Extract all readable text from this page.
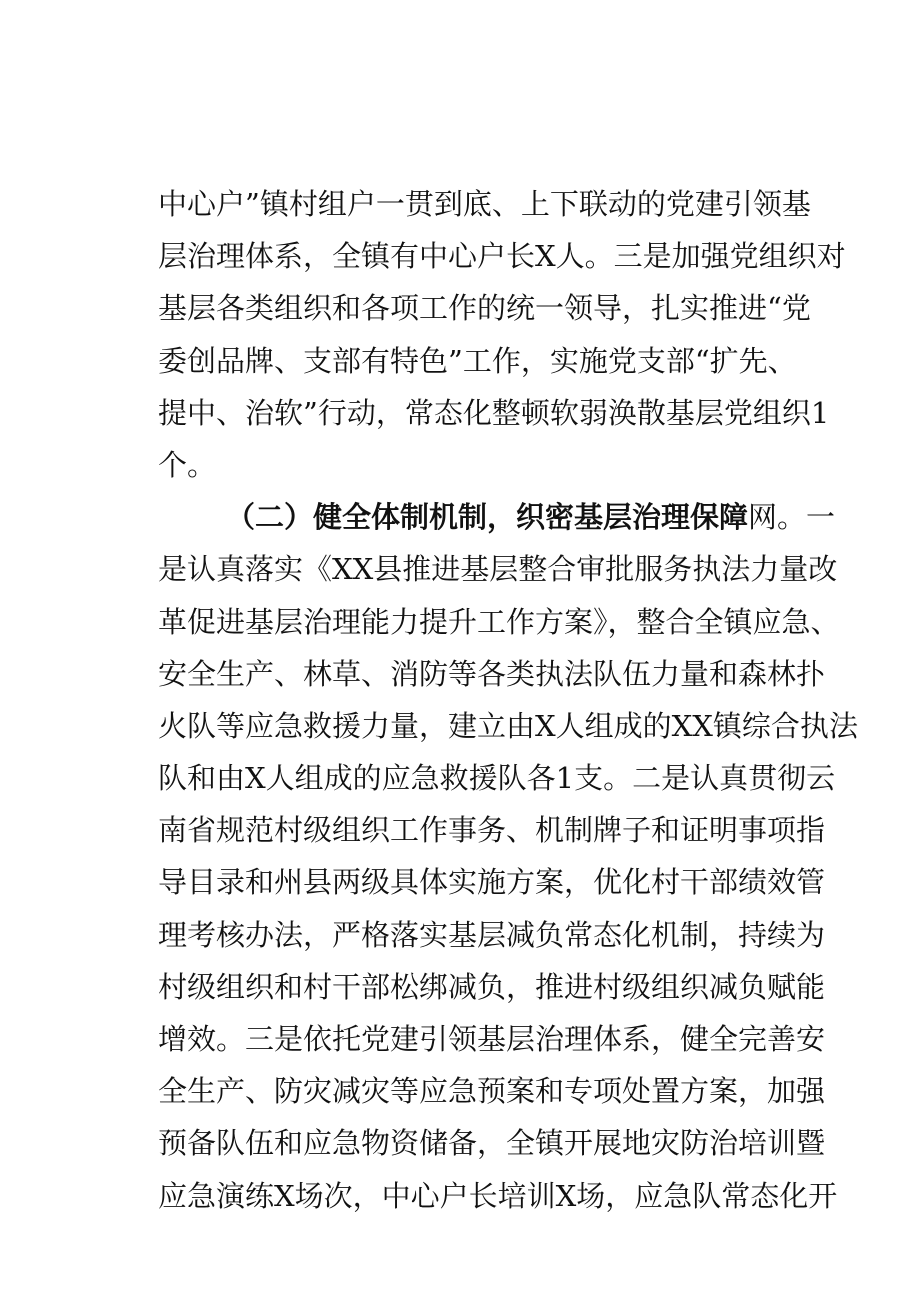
中心户”镇村组户一贯到底、上下联动的党建引领基
层治理体系，全镇有中心户长X人。三是加强党组织对
基层各类组织和各项工作的统一领导，扎实推进“党
委创品牌、支部有特色”工作，实施党支部“扩先、
提中、治软”行动，常态化整顿软弱涣散基层党组织1
个。
（二）健全体制机制，织密基层治理保障网。一
是认真落实《XX县推进基层整合审批服务执法力量改
革促进基层治理能力提升工作方案》，整合全镇应急、
安全生产、林草、消防等各类执法队伍力量和森林扑
火队等应急救援力量，建立由X人组成的XX镇综合执法
队和由X人组成的应急救援队各1支。二是认真贯彻云
南省规范村级组织工作事务、机制牌子和证明事项指
导目录和州县两级具体实施方案，优化村干部绩效管
理考核办法，严格落实基层减负常态化机制，持续为
村级组织和村干部松绑减负，推进村级组织减负赋能
增效。三是依托党建引领基层治理体系，健全完善安
全生产、防灾减灾等应急预案和专项处置方案，加强
预备队伍和应急物资储备，全镇开展地灾防治培训暨
应急演练X场次，中心户长培训X场，应急队常态化开
